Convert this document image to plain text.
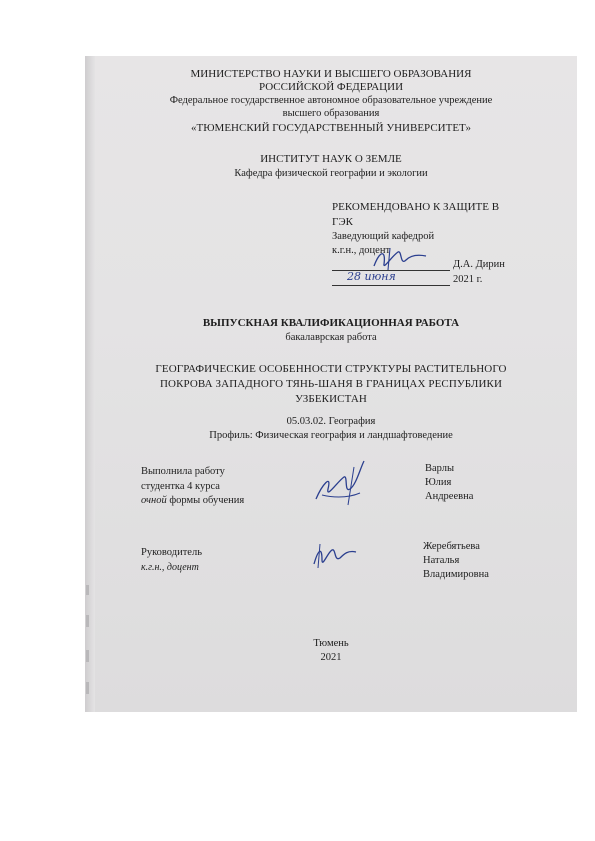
МИНИСТЕРСТВО НАУКИ И ВЫСШЕГО ОБРАЗОВАНИЯ
РОССИЙСКОЙ ФЕДЕРАЦИИ
Федеральное государственное автономное образовательное учреждение
высшего образования
«ТЮМЕНСКИЙ ГОСУДАРСТВЕННЫЙ УНИВЕРСИТЕТ»
ИНСТИТУТ НАУК О ЗЕМЛЕ
Кафедра физической географии и экологии
РЕКОМЕНДОВАНО К ЗАЩИТЕ В
ГЭК
Заведующий кафедрой
к.г.н., доцент
Д.А. Дирин
28 июня	2021 г.
ВЫПУСКНАЯ КВАЛИФИКАЦИОННАЯ РАБОТА
бакалаврская работа
ГЕОГРАФИЧЕСКИЕ ОСОБЕННОСТИ СТРУКТУРЫ РАСТИТЕЛЬНОГО
ПОКРОВА ЗАПАДНОГО ТЯНЬ-ШАНЯ В ГРАНИЦАХ РЕСПУБЛИКИ
УЗБЕКИСТАН
05.03.02. География
Профиль: Физическая география и ландшафтоведение
Выполнила работу
студентка 4 курса
очной формы обучения
Варлы
Юлия
Андреевна
Руководитель
к.г.н., доцент
Жеребятьева
Наталья
Владимировна
Тюмень
2021
